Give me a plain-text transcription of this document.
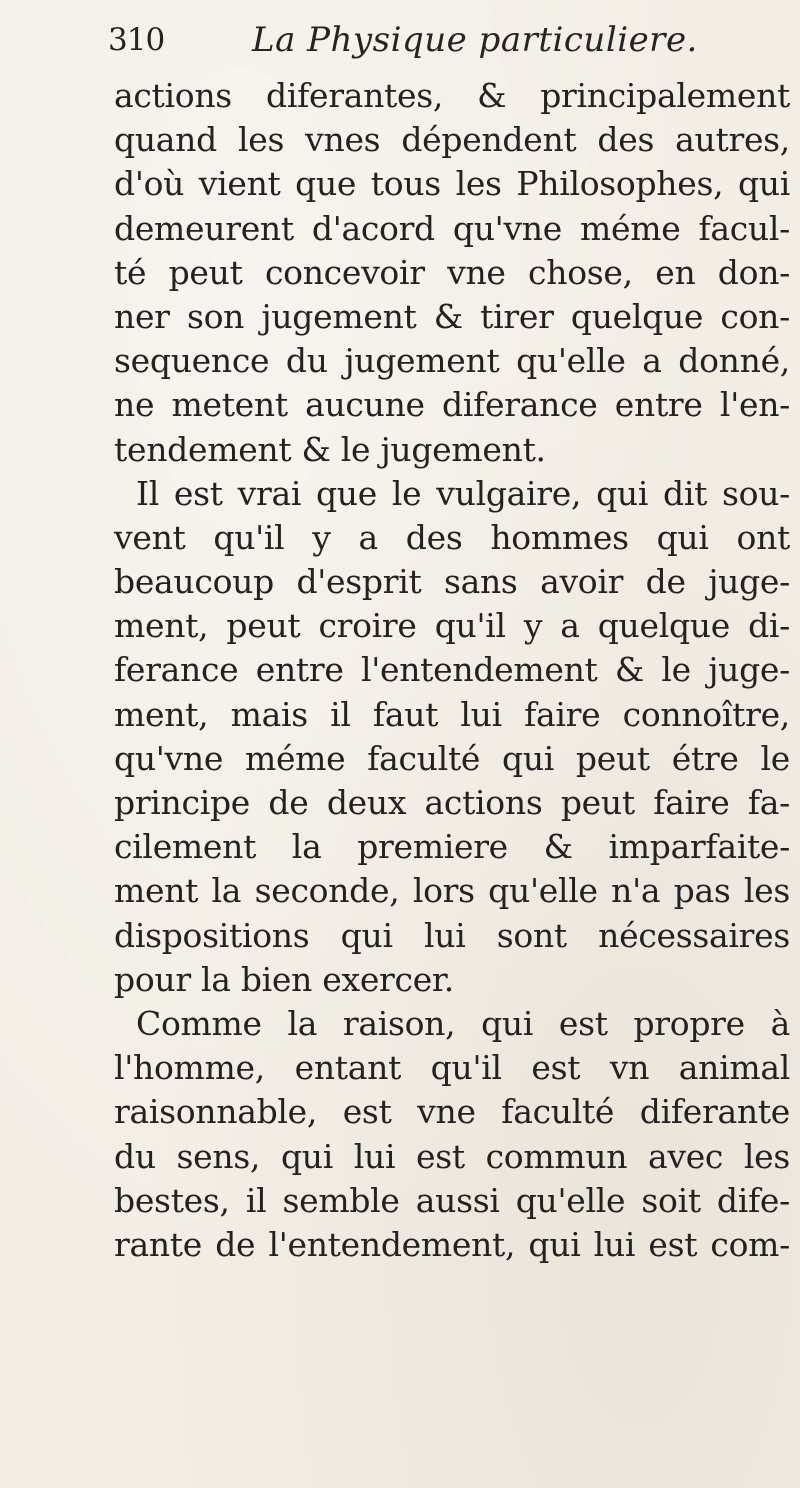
310	La Physique particuliere.
actions diferantes, & principalement
quand les vnes dépendent des autres,
d'où vient que tous les Philosophes, qui
demeurent d'acord qu'vne méme facul-
té peut concevoir vne chose, en don-
ner son jugement & tirer quelque con-
sequence du jugement qu'elle a donné,
ne metent aucune diferance entre l'en-
tendement & le jugement.
Il est vrai que le vulgaire, qui dit sou-
vent qu'il y a des hommes qui ont
beaucoup d'esprit sans avoir de juge-
ment, peut croire qu'il y a quelque di-
ferance entre l'entendement & le juge-
ment, mais il faut lui faire connoître,
qu'vne méme faculté qui peut étre le
principe de deux actions peut faire fa-
cilement la premiere & imparfaite-
ment la seconde, lors qu'elle n'a pas les
dispositions qui lui sont nécessaires
pour la bien exercer.
Comme la raison, qui est propre à
l'homme, entant qu'il est vn animal
raisonnable, est vne faculté diferante
du sens, qui lui est commun avec les
bestes, il semble aussi qu'elle soit dife-
rante de l'entendement, qui lui est com-
